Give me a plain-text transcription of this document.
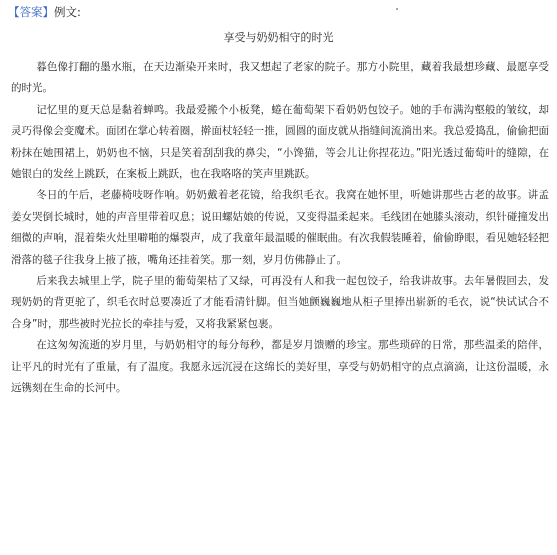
【答案】例文:
享受与奶奶相守的时光

暮色像打翻的墨水瓶，在天边渐染开来时，我又想起了老家的院子。那方小院里，藏着我最想珍藏、最愿享受的时光。

记忆里的夏天总是黏着蝉鸣。我最爱搬个小板凳，蜷在葡萄架下看奶奶包饺子。她的手布满沟壑般的皱纹，却灵巧得像会变魔术。面团在掌心转着圈，擀面杖轻轻一推，圆圆的面皮就从指缝间流淌出来。我总爱捣乱，偷偷把面粉抹在她围裙上，奶奶也不恼，只是笑着刮刮我的鼻尖，“小馋猫，等会儿让你捏花边。”阳光透过葡萄叶的缝隙，在她银白的发丝上跳跃，在案板上跳跃，也在我咯咯的笑声里跳跃。

冬日的午后，老藤椅吱呀作响。奶奶戴着老花镜，给我织毛衣。我窝在她怀里，听她讲那些古老的故事。讲孟姜女哭倒长城时，她的声音里带着叹息；说田螺姑娘的传说，又变得温柔起来。毛线团在她膝头滚动，织针碰撞发出细微的声响，混着柴火灶里噼啪的爆裂声，成了我童年最温暖的催眠曲。有次我假装睡着，偷偷睁眼，看见她轻轻把滑落的毯子往我身上掖了掖，嘴角还挂着笑。那一刻，岁月仿佛静止了。

后来我去城里上学，院子里的葡萄架枯了又绿，可再没有人和我一起包饺子，给我讲故事。去年暑假回去，发现奶奶的背更驼了，织毛衣时总要凑近了才能看清针脚。但当她颤巍巍地从柜子里捧出崭新的毛衣，说“快试试合不合身”时，那些被时光拉长的牵挂与爱，又将我紧紧包裹。

在这匆匆流逝的岁月里，与奶奶相守的每分每秒，都是岁月馈赠的珍宝。那些琐碎的日常，那些温柔的陪伴，让平凡的时光有了重量，有了温度。我愿永远沉浸在这绵长的美好里，享受与奶奶相守的点点滴滴，让这份温暖，永远镌刻在生命的长河中。
